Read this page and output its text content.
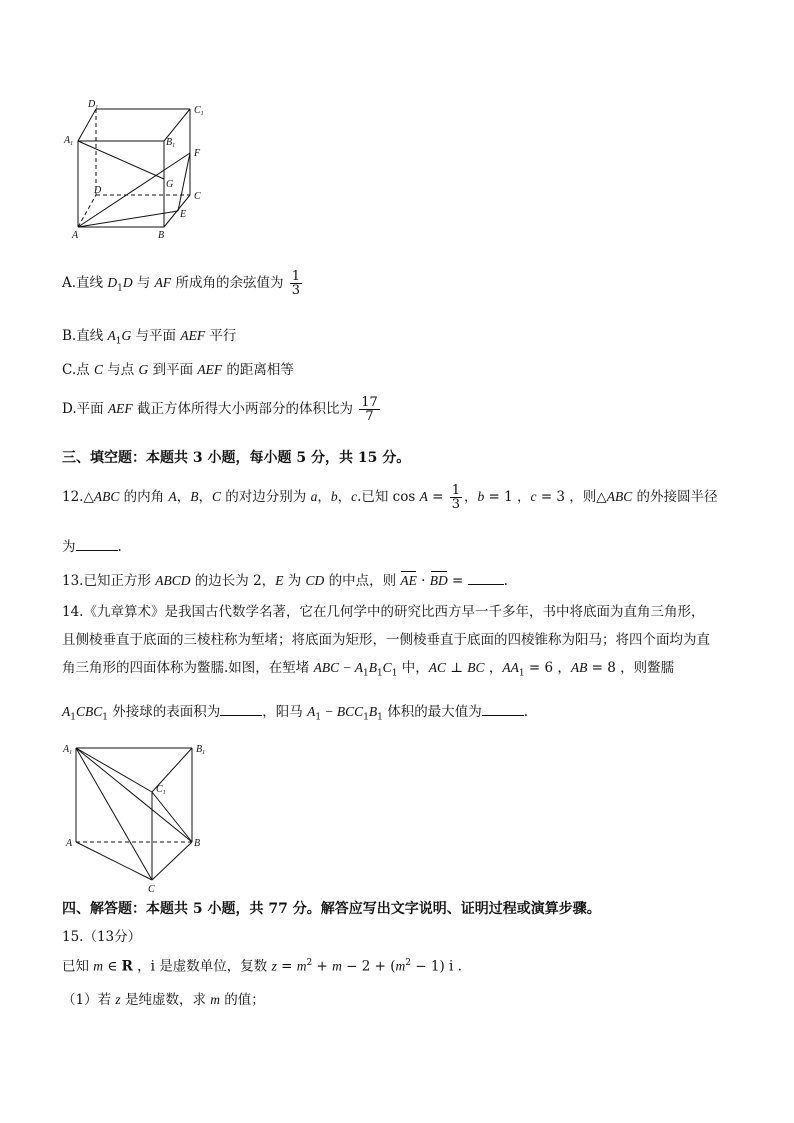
$D_1$	$C_1$
$A_1$	$B_1$
F
G
D
C
E
A	B
A.直线 $D_1D$ 与 AF 所成角的余弦值为 $\frac{1}{3}$
B.直线 $A_1G$ 与平面 AEF 平行
C.点 C 与点 G 到平面 AEF 的距离相等
D.平面 AEF 截正方体所得大小两部分的体积比为 $\frac{17}{7}$
三、填空题：本题共 3 小题，每小题 5 分，共 15 分。
12.△ABC 的内角 A，B，C 的对边分别为 a，b，c.已知 $\cos A = \frac{1}{3}$ ，b = 1 ，c = 3 ，则△ABC 的外接圆半径
为	.
13.已知正方形 ABCD 的边长为 2，E 为 CD 的中点，则 AE · BD =	.
14.《九章算术》是我国古代数学名著，它在几何学中的研究比西方早一千多年，书中将底面为直角三角形，
且侧棱垂直于底面的三棱柱称为堑堵；将底面为矩形，一侧棱垂直于底面的四棱锥称为阳马；将四个面均为直
角三角形的四面体称为鳖臑.如图，在堑堵 ABC − $A_1B_1C_1$ 中，AC ⊥ BC ，$AA_1 = 6$ ，AB = 8 ，则鳖臑
$A_1CBC_1$ 外接球的表面积为	，阳马 $A_1 - BCC_1B_1$ 体积的最大值为	.
$A_1$	$B_1$
$C_1$
A	B
C
四、解答题：本题共 5 小题，共 77 分。解答应写出文字说明、证明过程或演算步骤。
15.（13分）
已知 m ∈ R ，i 是虚数单位，复数 $z = m^2 + m - 2 + (m^2 - 1)$ i .
（1）若 z 是纯虚数，求 m 的值；
